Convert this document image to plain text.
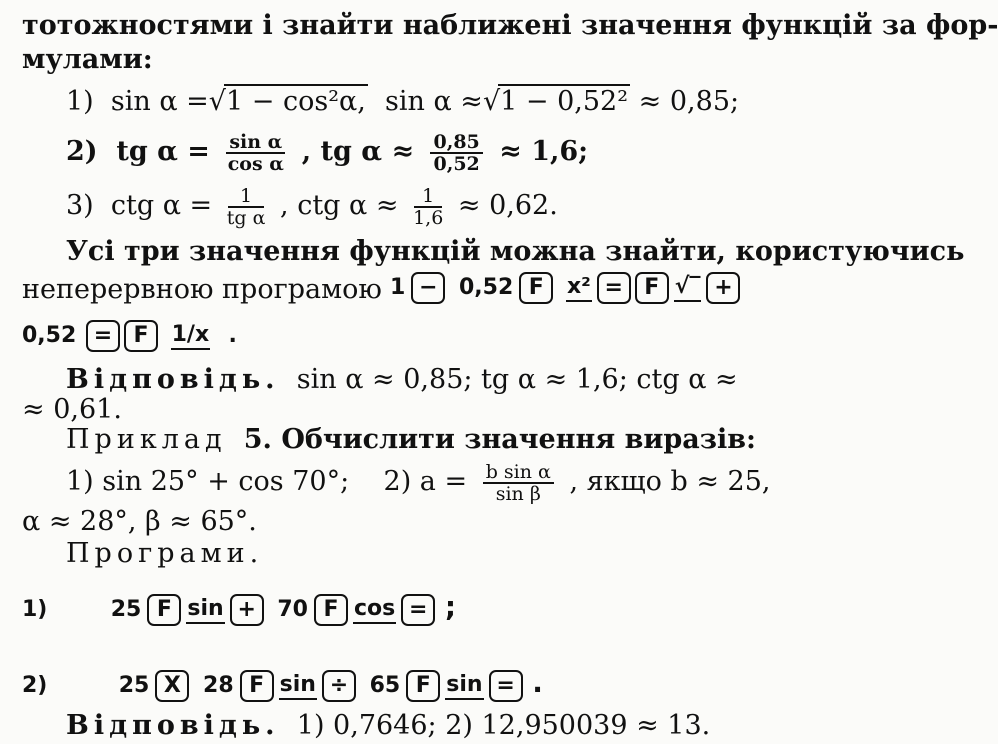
тотожностями і знайти наближені значення функцій за фор-
мулами:
1) sin α =√1 − cos²α, sin α ≈√1 − 0,52² ≈ 0,85;
2) tg $\alpha = \frac{\text{sin α}}{\text{cos α}}$ , tg $\alpha \approx \frac{0,85}{0,52} \approx 1,6$;
3) ctg $\alpha = \frac{1}{\text{tg α}}$ , ctg $\alpha \approx \frac{1}{1,6} \approx 0,62$.
Усі три значення функцій можна знайти, користуючись
неперервною програмою 1 − 0,52 F x² = F √‾ +
0,52 = F 1/x .
Відповідь. sin α ≈ 0,85; tg α ≈ 1,6; ctg α ≈
≈ 0,61.
Приклад 5. Обчислити значення виразів:
1) sin 25° + cos 70°; 2) $a = \frac{\text{b sin α}}{\text{sin β}}$ , якщо b ≈ 25,
α ≈ 28°, β ≈ 65°.
Програми.
1)	25 F sin + 70 F cos = ;
2)	25 X 28 F sin ÷ 65 F sin = .
Відповідь. 1) 0,7646; 2) 12,950039 ≈ 13.
